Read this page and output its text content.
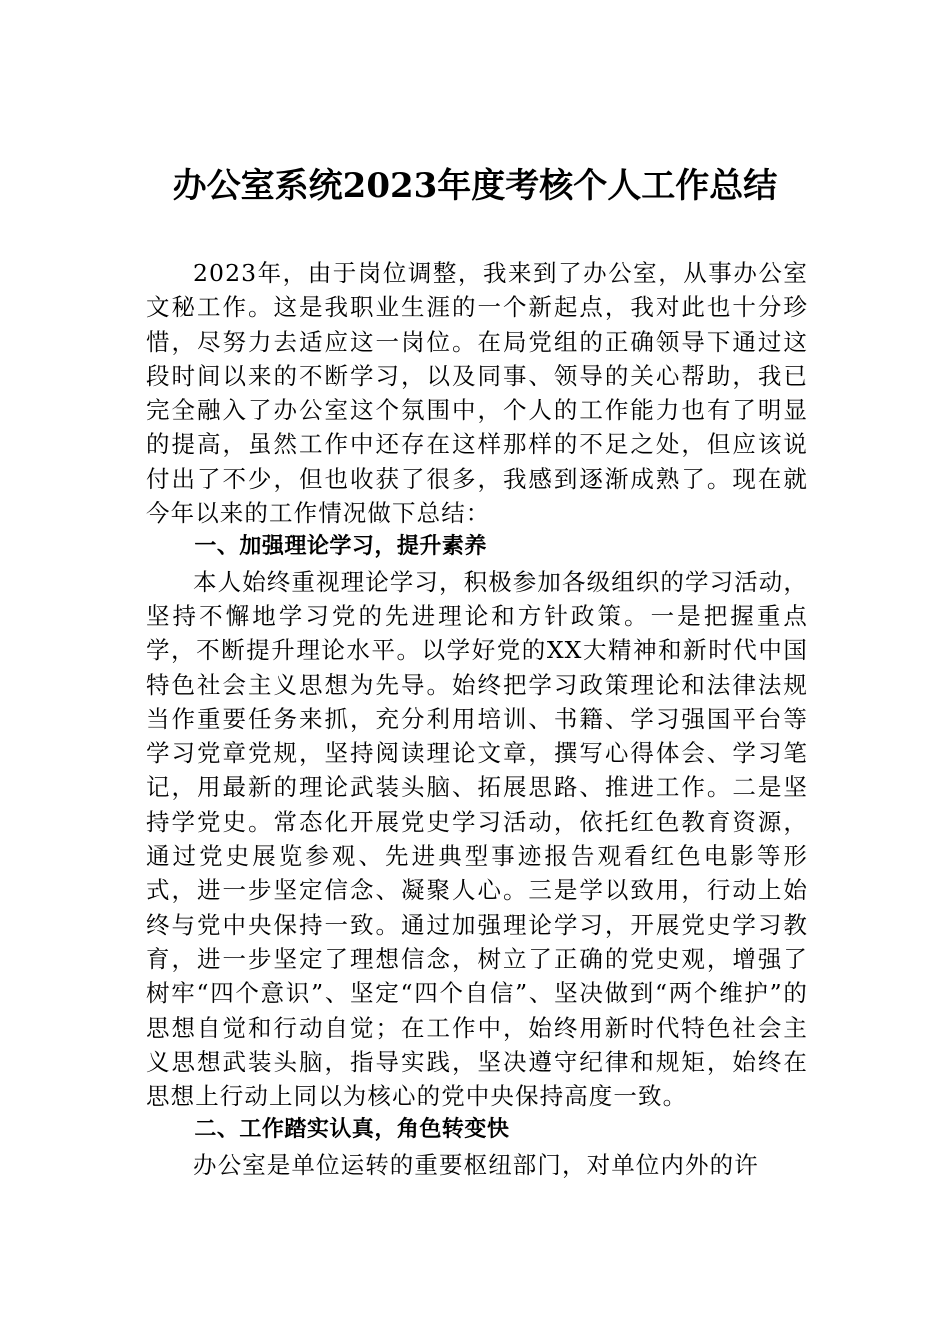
办公室系统2023年度考核个人工作总结

2023年，由于岗位调整，我来到了办公室，从事办公室文秘工作。这是我职业生涯的一个新起点，我对此也十分珍惜，尽努力去适应这一岗位。在局党组的正确领导下通过这段时间以来的不断学习，以及同事、领导的关心帮助，我已完全融入了办公室这个氛围中，个人的工作能力也有了明显的提高，虽然工作中还存在这样那样的不足之处，但应该说付出了不少，但也收获了很多，我感到逐渐成熟了。现在就今年以来的工作情况做下总结：

一、加强理论学习，提升素养

本人始终重视理论学习，积极参加各级组织的学习活动，坚持不懈地学习党的先进理论和方针政策。一是把握重点学，不断提升理论水平。以学好党的XX大精神和新时代中国特色社会主义思想为先导。始终把学习政策理论和法律法规当作重要任务来抓，充分利用培训、书籍、学习强国平台等学习党章党规，坚持阅读理论文章，撰写心得体会、学习笔记，用最新的理论武装头脑、拓展思路、推进工作。二是坚持学党史。常态化开展党史学习活动，依托红色教育资源，通过党史展览参观、先进典型事迹报告观看红色电影等形式，进一步坚定信念、凝聚人心。三是学以致用，行动上始终与党中央保持一致。通过加强理论学习，开展党史学习教育，进一步坚定了理想信念，树立了正确的党史观，增强了树牢“四个意识”、坚定“四个自信”、坚决做到“两个维护”的思想自觉和行动自觉；在工作中，始终用新时代特色社会主义思想武装头脑，指导实践，坚决遵守纪律和规矩，始终在思想上行动上同以为核心的党中央保持高度一致。

二、工作踏实认真，角色转变快

办公室是单位运转的重要枢纽部门，对单位内外的许
